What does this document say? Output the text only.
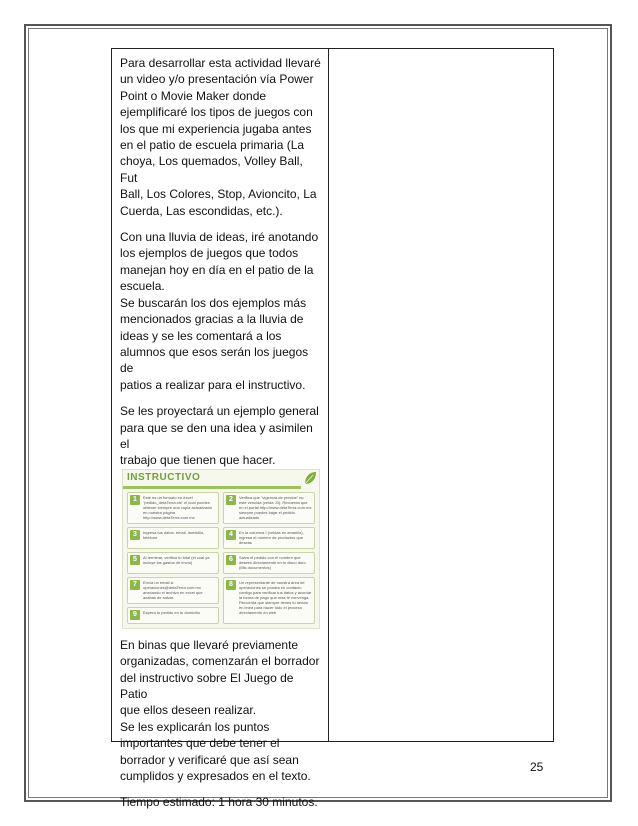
Para desarrollar esta actividad llevaré
un video y/o presentación vía Power
Point o Movie Maker donde
ejemplificaré los tipos de juegos con
los que mi experiencia jugaba antes
en el patio de escuela primaria (La
choya, Los quemados, Volley Ball, Fut
Ball, Los Colores, Stop, Avioncito, La
Cuerda, Las escondidas, etc.).

Con una lluvia de ideas, iré anotando
los ejemplos de juegos que todos
manejan hoy en día en el patio de la
escuela.
Se buscarán los dos ejemplos más
mencionados gracias a la lluvia de
ideas y se les comentará a los
alumnos que esos serán los juegos de
patios a realizar para el instructivo.

Se les proyectará un ejemplo general
para que se den una idea y asimilen el
trabajo que tienen que hacer.

INSTRUCTIVO
1	Este es un formato en excel "pedido_detaTerra.xls" el cual puedes obtener siempre una copia actualizada en nuestra página http://www.detaTerra.com.mx
2	Verifica que "vigencia de precios" no este vencida (celda J3). Recuerda que en el portal http://www.detaTerra.com.mx siempre puedes bajar el pedido actualizado
3	Ingresa tus datos: email, domicilio, teléfono	4	En la columna I (celdas en amarillo), ingresa el número de productos que deseas
5	Al terminar, verifica tu total (el cual ya incluye los gastos de envío)	6	Salva el pedido con el nombre que desees directamente en tu disco duro (Mis documentos)
7	Envía un email a: operaciones@detaTerra.com.mx anexando el archivo en excel que acabas de salvar.
8	Un representante de nuestra área de operaciones se pondrá en contacto contigo para verificar tus datos y acordar la forma de pago que más te convenga. Recuerda que siempre tienes tu tienda en línea para hacer todo el proceso directamente en web
9	Espera tu pedido en tu domicilio

En binas que llevaré previamente
organizadas, comenzarán el borrador
del instructivo sobre El Juego de Patio
que ellos deseen realizar.
Se les explicarán los puntos
importantes que debe tener el
borrador y verificaré que así sean
cumplidos y expresados en el texto.

Tiempo estimado: 1 hora 30 minutos.

25
